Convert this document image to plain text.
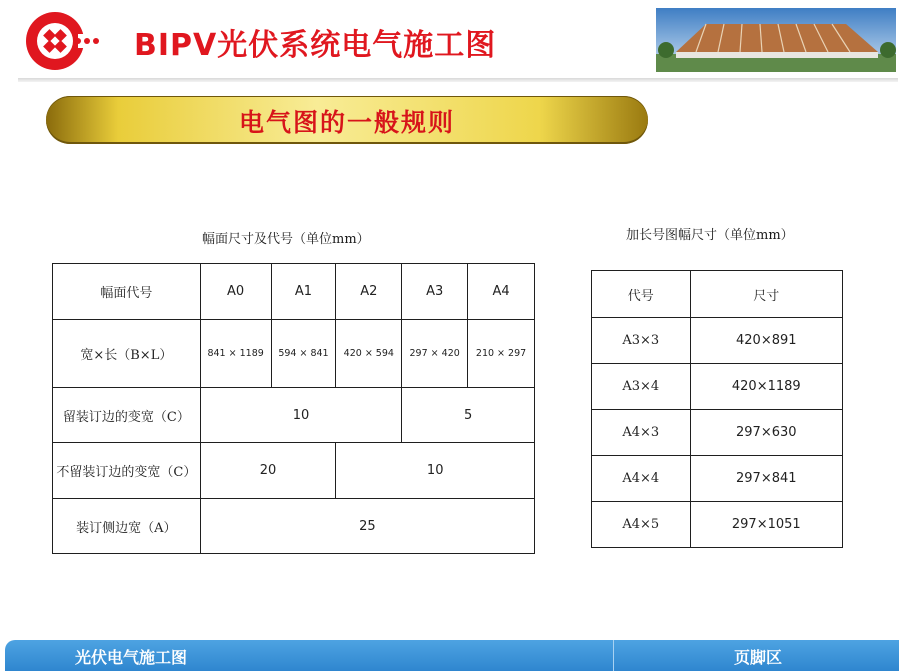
BIPV光伏系统电气施工图
电气图的一般规则
幅面尺寸及代号（单位mm）	加长号图幅尺寸（单位mm）
幅面代号	A0	A1	A2	A3	A4
宽×长（B×L）	841 × 1189	594 × 841	420 × 594	297 × 420	210 × 297
留装订边的变宽（C）	10			5	
不留装订边的变宽（C）	20		10		
装订侧边宽（A）	25				
代号	尺寸
A3×3	420×891
A3×4	420×1189
A4×3	297×630
A4×4	297×841
A4×5	297×1051
光伏电气施工图	页脚区
